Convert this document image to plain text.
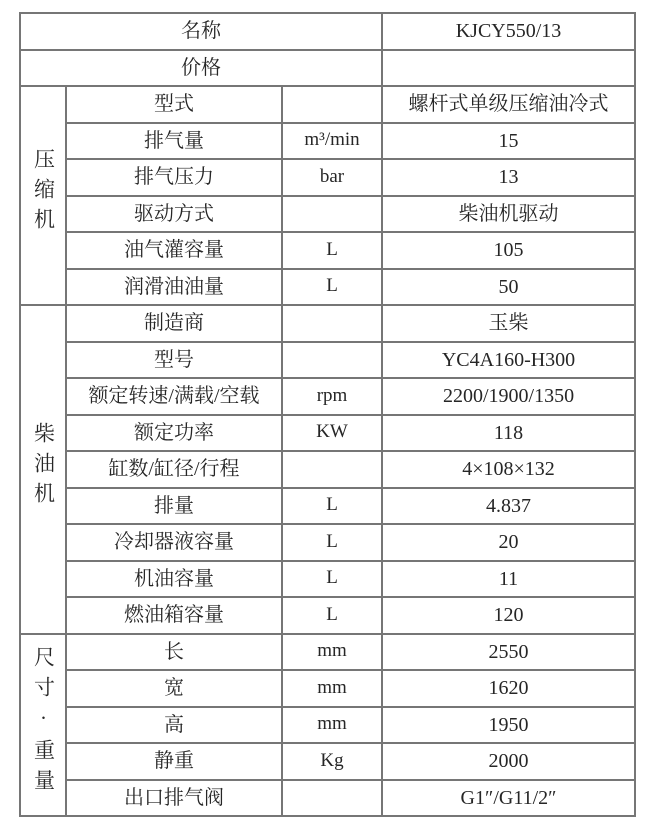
名称			KJCY550/13
价格			
压缩机	型式		螺杆式单级压缩油冷式
	排气量	m³/min	15
	排气压力	bar	13
	驱动方式		柴油机驱动
	油气灌容量	L	105
	润滑油油量	L	50
柴油机	制造商		玉柴
	型号		YC4A160-H300
	额定转速/满载/空载	rpm	2200/1900/1350
	额定功率	KW	118
	缸数/缸径/行程		4×108×132
	排量	L	4.837
	冷却器液容量	L	20
	机油容量	L	11
	燃油箱容量	L	120
尺寸·重量	长	mm	2550
	宽	mm	1620
	高	mm	1950
	静重	Kg	2000
	出口排气阀		G1″/G11/2″
